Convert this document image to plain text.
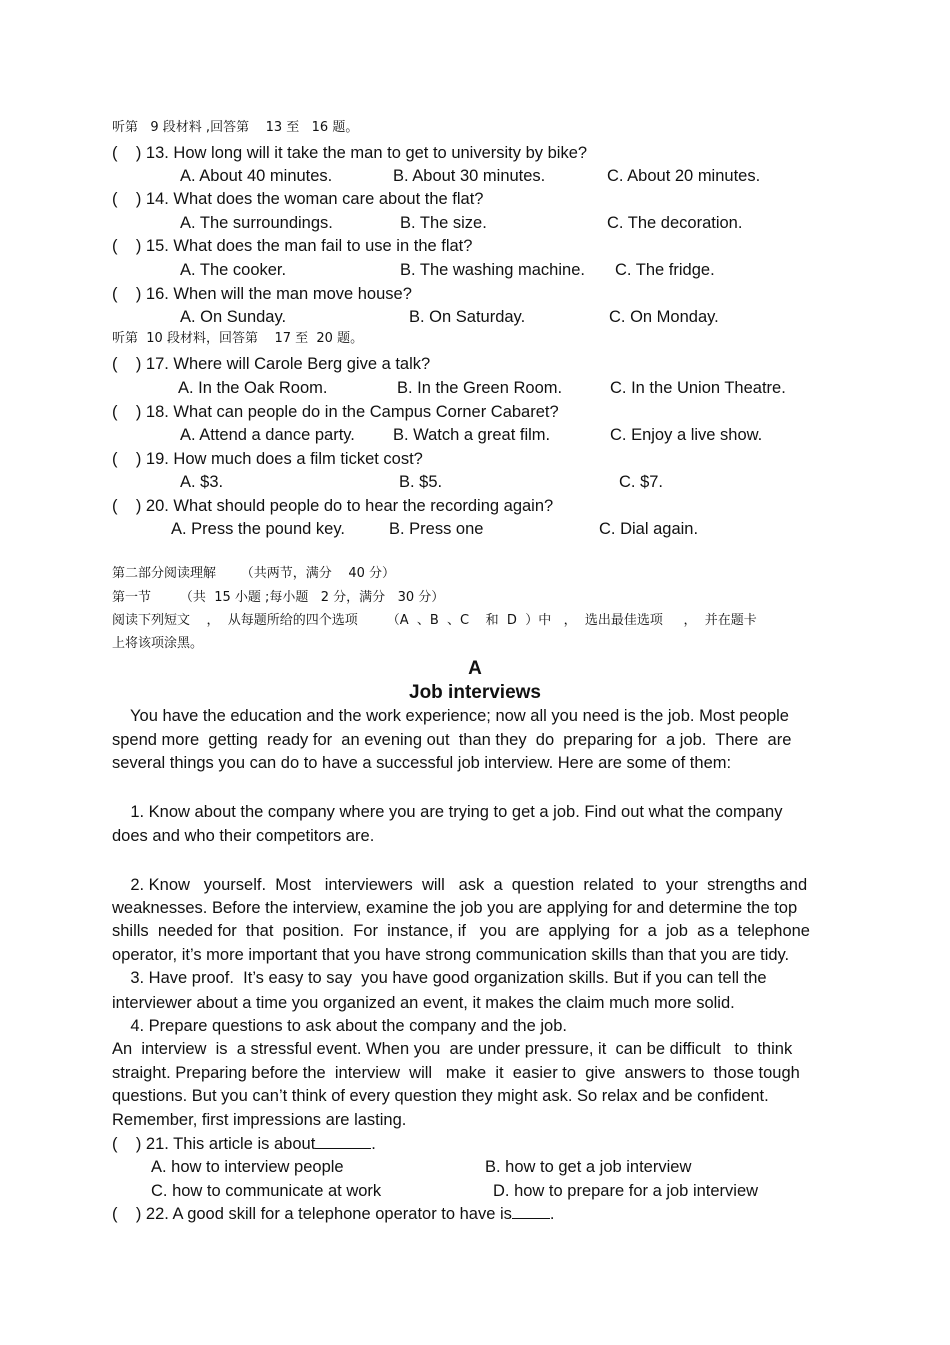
听第   9 段材料 ,回答第    13 至   16 题。
(    ) 13. How long will it take the man to get to university by bike?
A. About 40 minutes.	B. About 30 minutes.	C. About 20 minutes.
(    ) 14. What does the woman care about the flat?
A. The surroundings.	B. The size.	C. The decoration.
(    ) 15. What does the man fail to use in the flat?
A. The cooker.	B. The washing machine. C. The fridge.
(    ) 16. When will the man move house?
A. On Sunday.	B. On Saturday.	C. On Monday.
听第  10 段材料，回答第    17 至  20 题。
(    ) 17. Where will Carole Berg give a talk?
A. In the Oak Room.	B. In the Green Room.	C. In the Union Theatre.
(    ) 18. What can people do in the Campus Corner Cabaret?
A. Attend a dance party. B. Watch a great film.	C. Enjoy a live show.
(    ) 19. How much does a film ticket cost?
A. $3.	B. $5.	C. $7.
(    ) 20. What should people do to hear the recording again?
A. Press the pound key.	B. Press one	C. Dial again.
第二部分阅读理解      （共两节，满分    40 分）
第一节       （共  15 小题 ;每小题   2 分，满分   30 分）
阅读下列短文    ，  从每题所给的四个选项       （A  、B  、C    和  D  ）中   ，  选出最佳选项     ，  并在题卡
上将该项涂黑。
A
Job interviews
You have the education and the work experience; now all you need is the job. Most people
spend more  getting  ready for  an evening out  than they  do  preparing for  a job.  There  are
several things you can do to have a successful job interview. Here are some of them:
1. Know about the company where you are trying to get a job. Find out what the company
does and who their competitors are.
2. Know   yourself.  Most   interviewers  will   ask  a  question  related  to  your  strengths and
weaknesses. Before the interview, examine the job you are applying for and determine the top
shills  needed for  that  position.  For  instance, if   you  are  applying  for  a  job  as a  telephone
operator, it’s more important that you have strong communication skills than that you are tidy.
3. Have proof.  It’s easy to say  you have good organization skills. But if you can tell the
interviewer about a time you organized an event, it makes the claim much more solid.
4. Prepare questions to ask about the company and the job.
An  interview  is  a stressful event. When you  are under pressure, it  can be difficult   to  think
straight. Preparing before the  interview  will   make  it  easier to  give  answers to  those tough
questions. But you can’t think of every question they might ask. So relax and be confident.
Remember, first impressions are lasting.
(    ) 21. This article is about	.
A. how to interview people	B. how to get a job interview
C. how to communicate at work	D. how to prepare for a job interview
(    ) 22. A good skill for a telephone operator to have is .
